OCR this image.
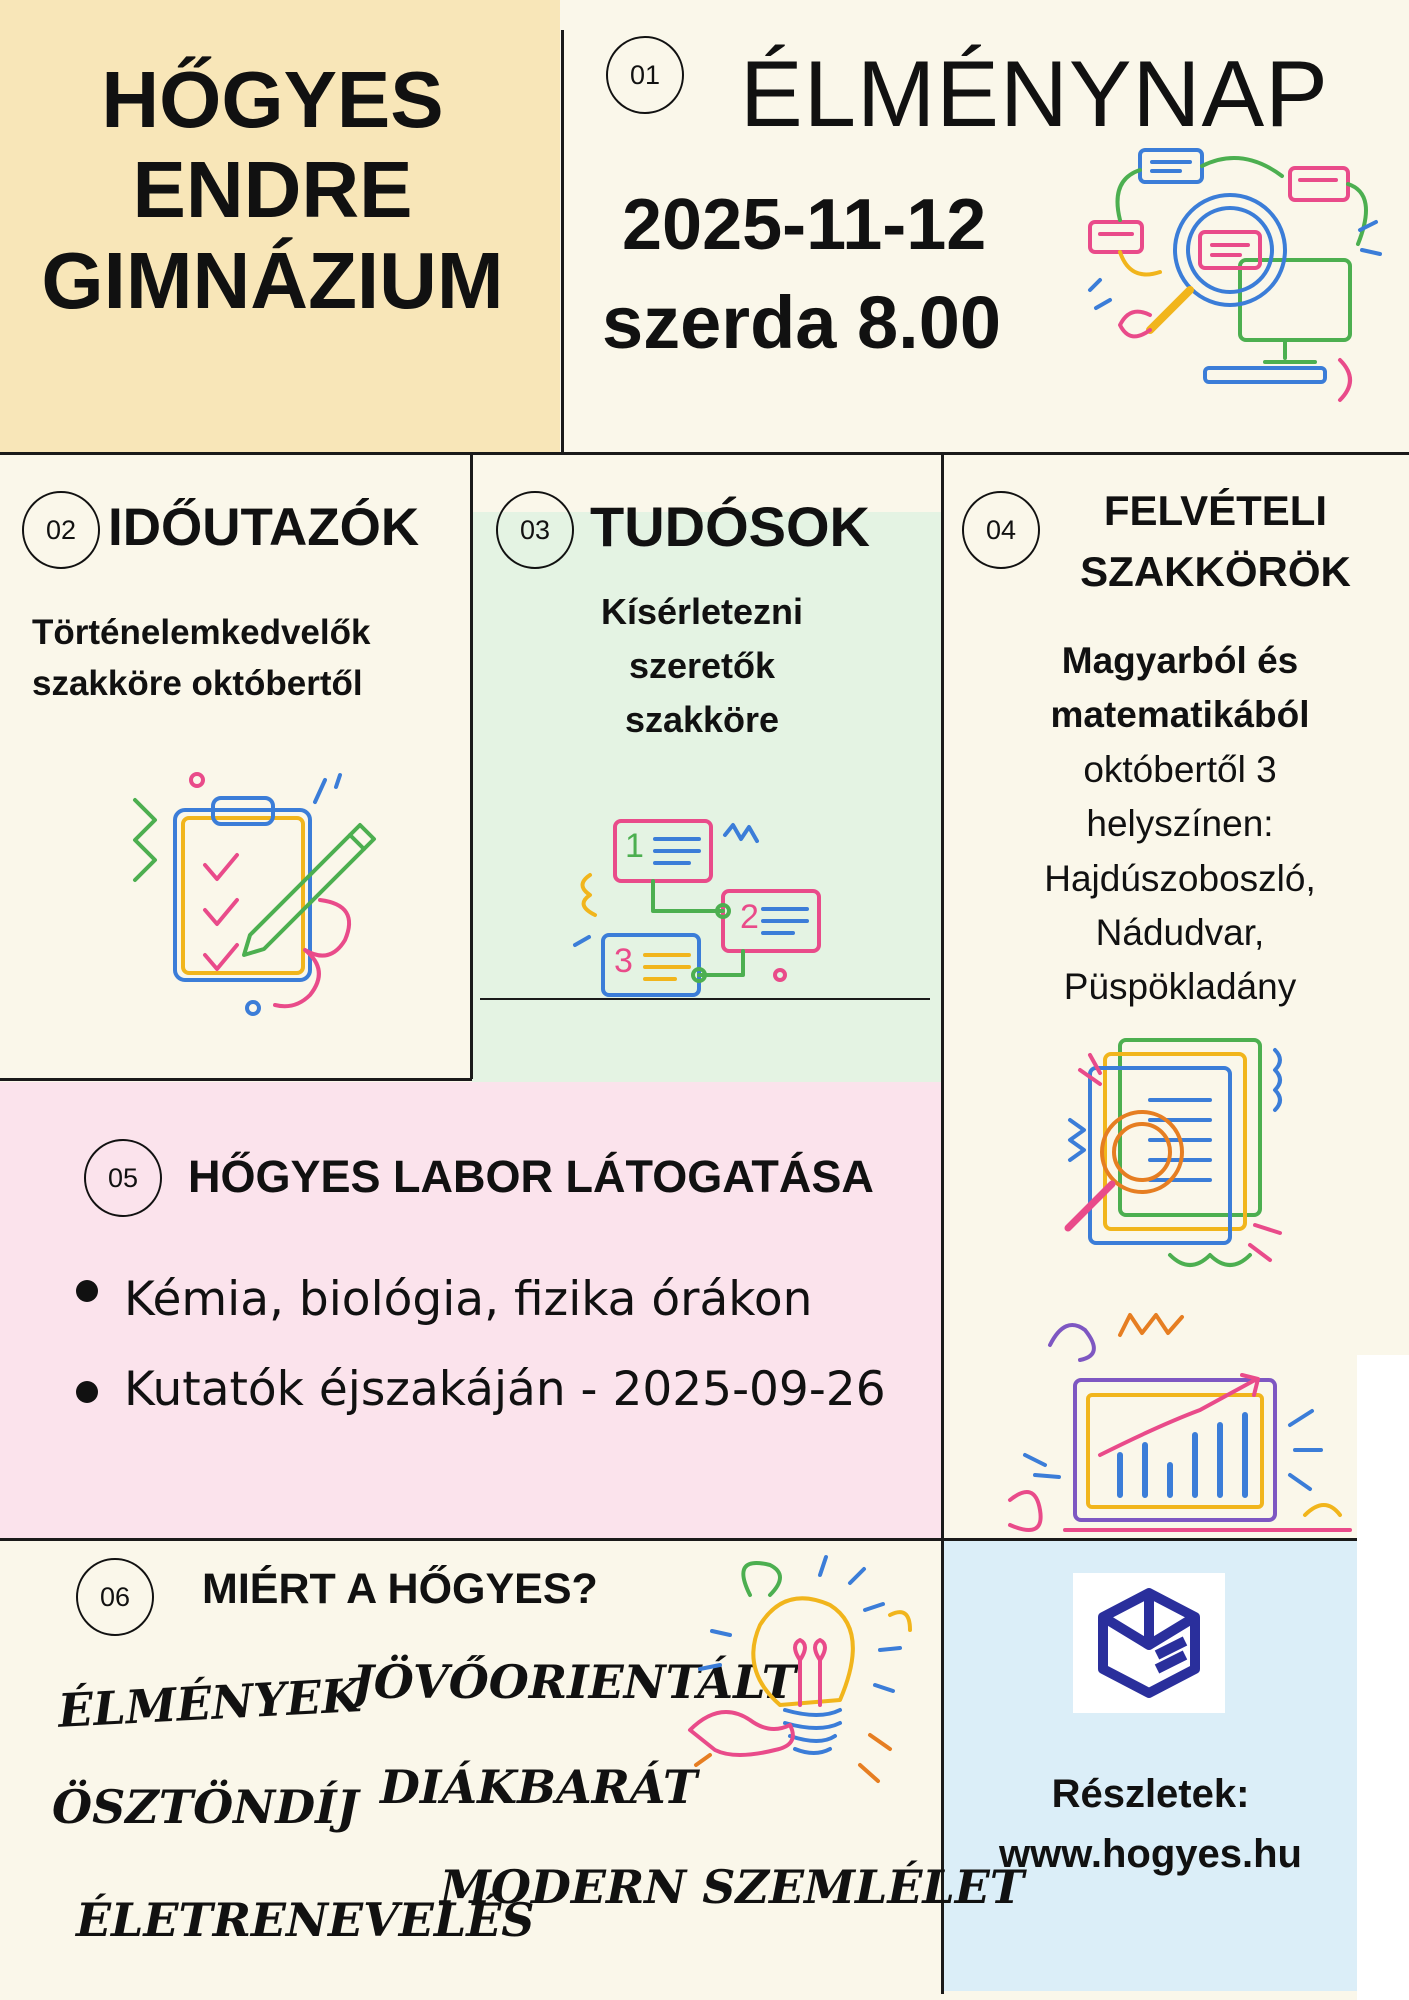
HŐGYES
ENDRE
GIMNÁZIUM
01 ÉLMÉNYNAP
2025-11-12
szerda 8.00
02 IDŐUTAZÓK
Történelemkedvelők
szakköre októbertől
03 TUDÓSOK
Kísérletezni
szeretők
szakköre
1
2
3
04	FELVÉTELI
SZAKKÖRÖK
Magyarból és
matematikából
októbertől 3
helyszínen:
Hajdúszoboszló,
Nádudvar,
Püspökladány
05	HŐGYES LABOR LÁTOGATÁSA
Kémia, biológia, fizika órákon
Kutatók éjszakáján - 2025-09-26
06	MIÉRT A HŐGYES?
ÉLMÉNYEK
JÖVŐORIENTÁLT
ÖSZTÖNDÍJ DIÁKBARÁT
ÉLETRENEVELÉS
MODERN SZEMLÉLET
Részletek:
www.hogyes.hu
